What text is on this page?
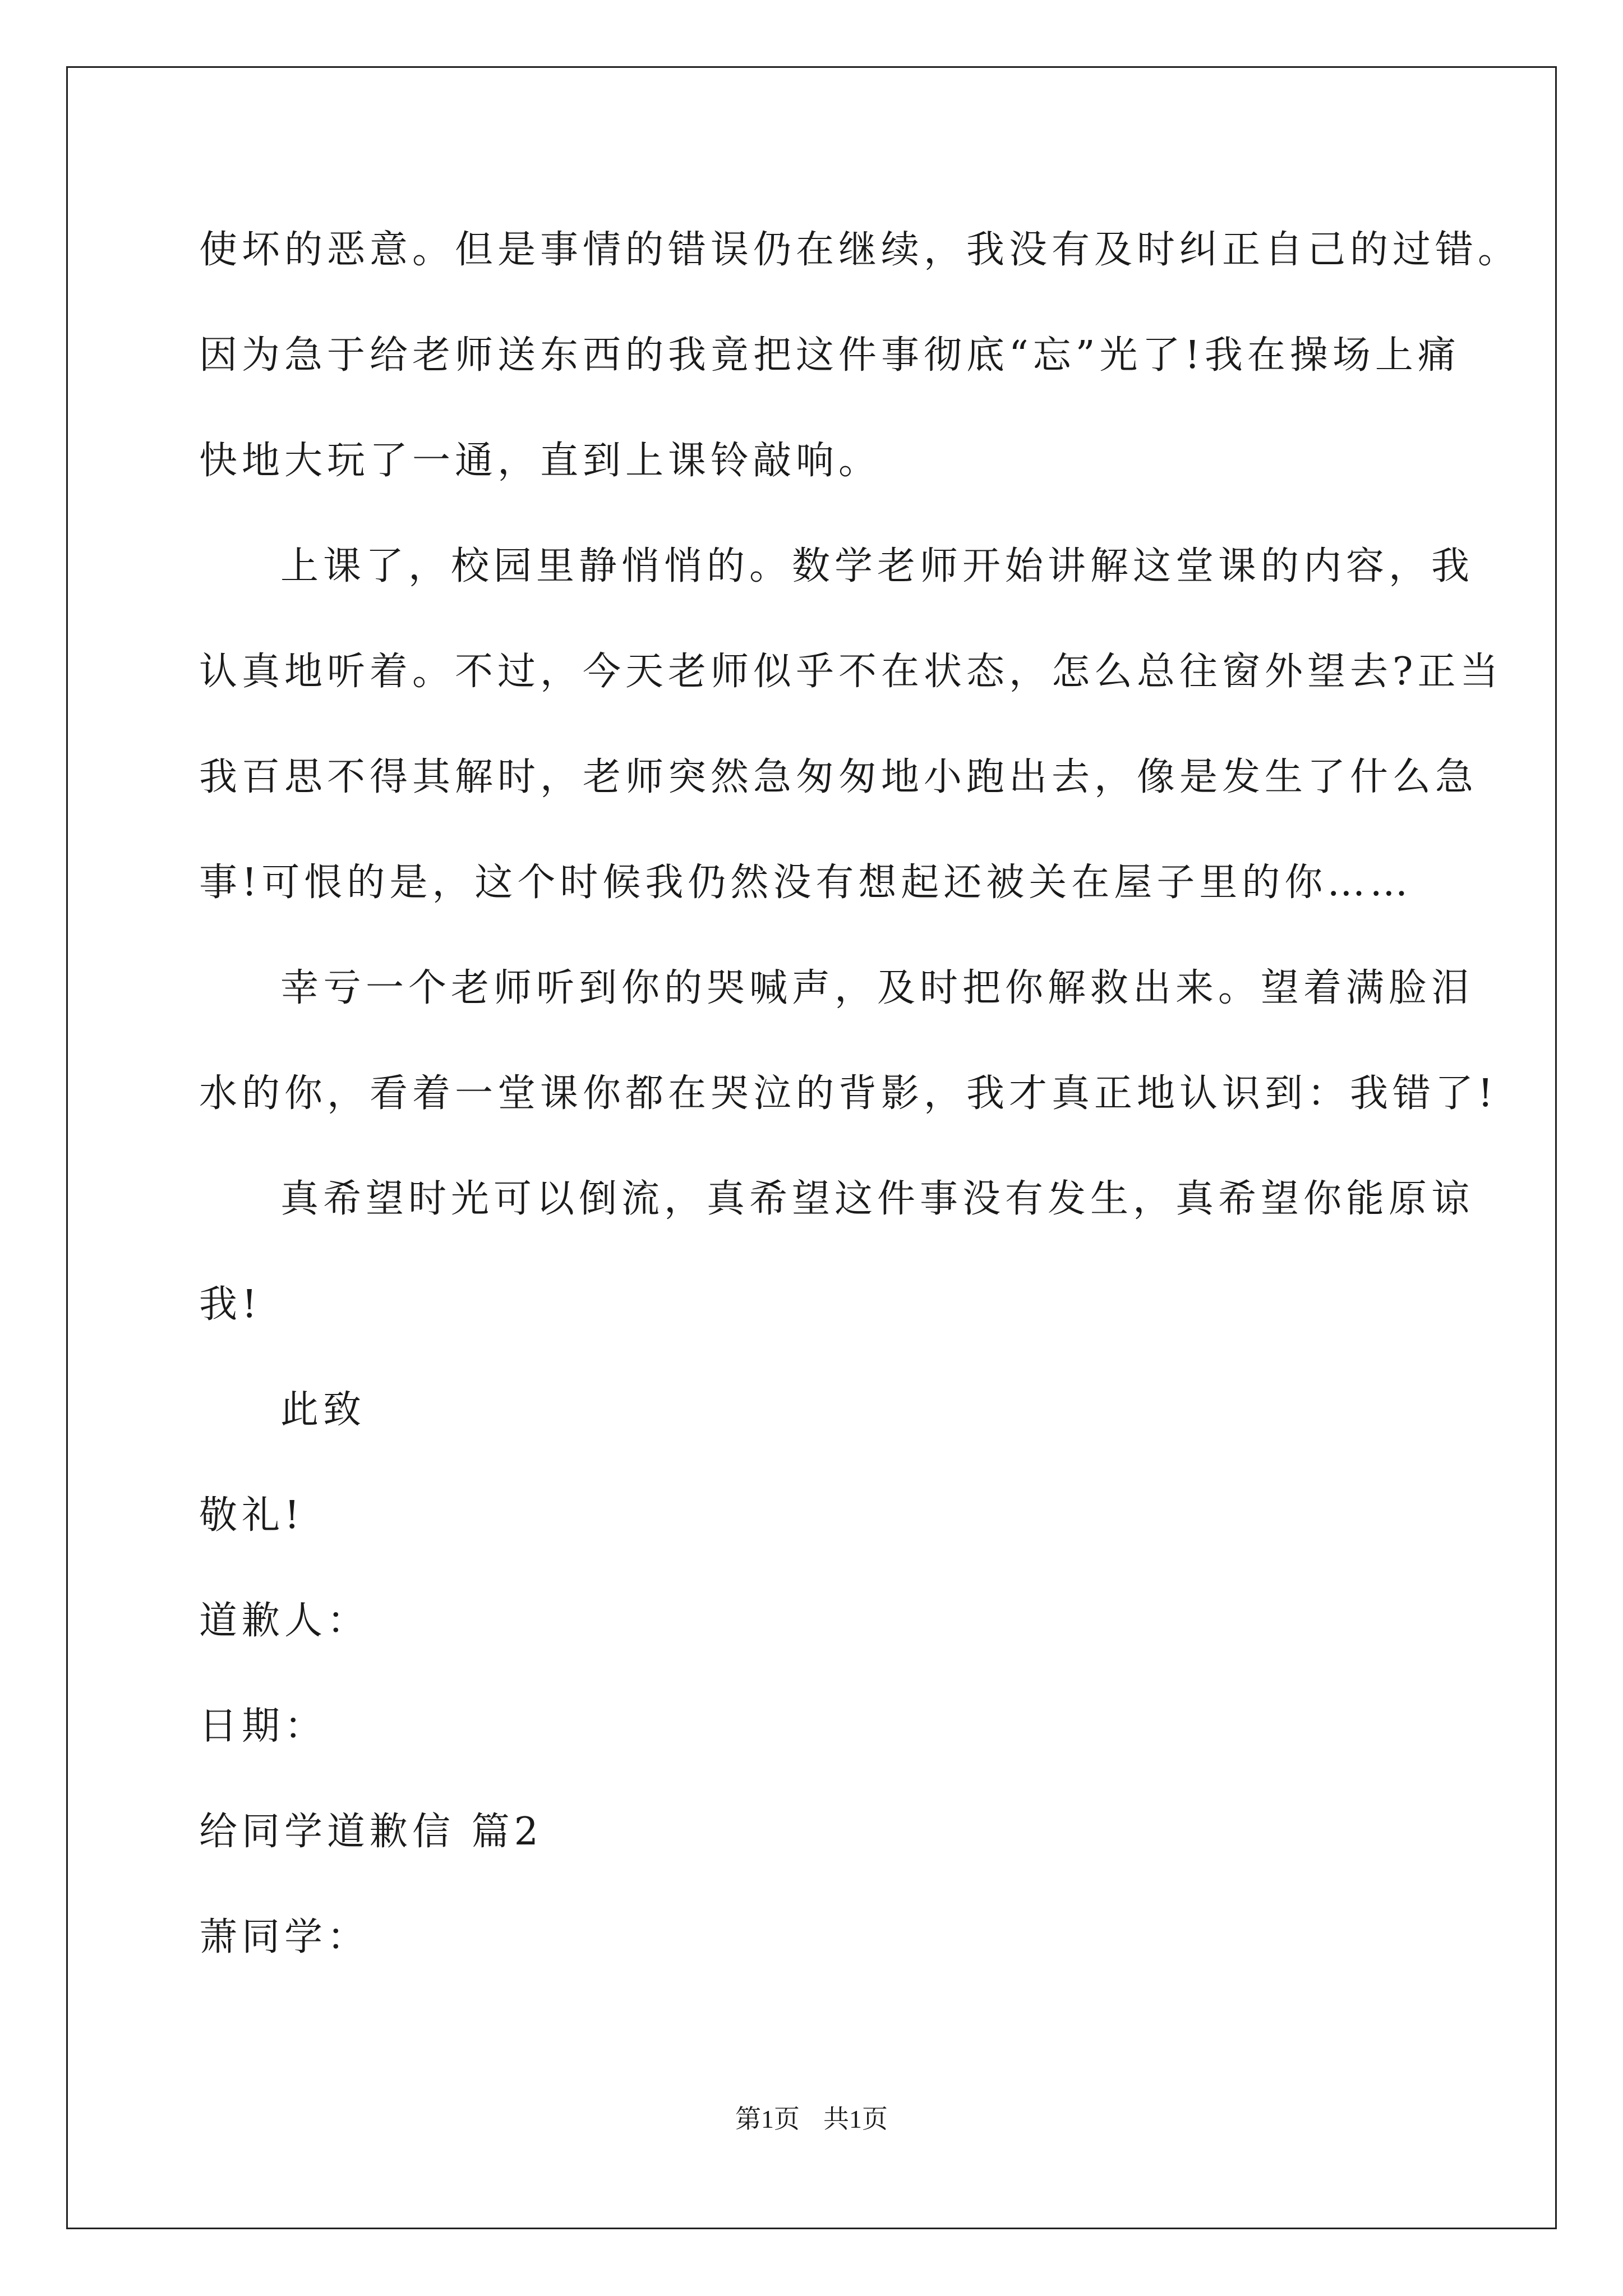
使坏的恶意。但是事情的错误仍在继续，我没有及时纠正自己的过错。
因为急于给老师送东西的我竟把这件事彻底“忘”光了!我在操场上痛
快地大玩了一通，直到上课铃敲响。
上课了，校园里静悄悄的。数学老师开始讲解这堂课的内容，我
认真地听着。不过，今天老师似乎不在状态，怎么总往窗外望去?正当
我百思不得其解时，老师突然急匆匆地小跑出去，像是发生了什么急
事!可恨的是，这个时候我仍然没有想起还被关在屋子里的你……
幸亏一个老师听到你的哭喊声，及时把你解救出来。望着满脸泪
水的你，看着一堂课你都在哭泣的背影，我才真正地认识到：我错了!
真希望时光可以倒流，真希望这件事没有发生，真希望你能原谅
我!
此致
敬礼!
道歉人：
日期：
给同学道歉信 篇2
萧同学：
第1页 共1页
